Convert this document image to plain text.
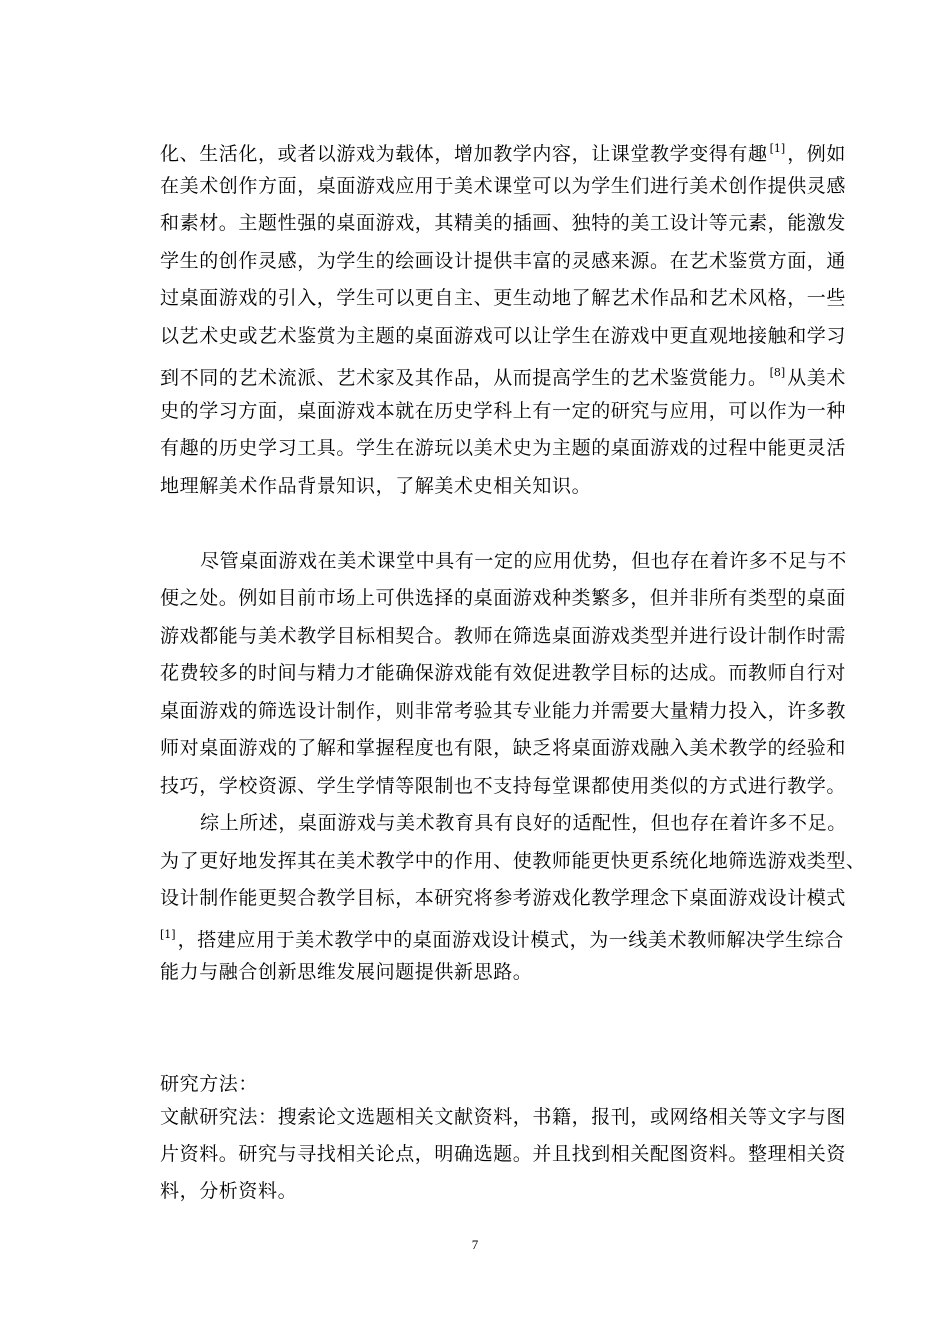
化、生活化，或者以游戏为载体，增加教学内容，让课堂教学变得有趣 [1] ，例如
在美术创作方面，桌面游戏应用于美术课堂可以为学生们进行美术创作提供灵感
和素材。主题性强的桌面游戏，其精美的插画、独特的美工设计等元素，能激发
学生的创作灵感，为学生的绘画设计提供丰富的灵感来源。在艺术鉴赏方面，通
过桌面游戏的引入，学生可以更自主、更生动地了解艺术作品和艺术风格，一些
以艺术史或艺术鉴赏为主题的桌面游戏可以让学生在游戏中更直观地接触和学习
到不同的艺术流派、艺术家及其作品，从而提高学生的艺术鉴赏能力。 [8] 从美术
史的学习方面，桌面游戏本就在历史学科上有一定的研究与应用，可以作为一种
有趣的历史学习工具。学生在游玩以美术史为主题的桌面游戏的过程中能更灵活
地理解美术作品背景知识，了解美术史相关知识。
尽管桌面游戏在美术课堂中具有一定的应用优势，但也存在着许多不足与不
便之处。例如目前市场上可供选择的桌面游戏种类繁多，但并非所有类型的桌面
游戏都能与美术教学目标相契合。教师在筛选桌面游戏类型并进行设计制作时需
花费较多的时间与精力才能确保游戏能有效促进教学目标的达成。而教师自行对
桌面游戏的筛选设计制作，则非常考验其专业能力并需要大量精力投入，许多教
师对桌面游戏的了解和掌握程度也有限，缺乏将桌面游戏融入美术教学的经验和
技巧，学校资源、学生学情等限制也不支持每堂课都使用类似的方式进行教学。
综上所述，桌面游戏与美术教育具有良好的适配性，但也存在着许多不足。
为了更好地发挥其在美术教学中的作用、使教师能更快更系统化地筛选游戏类型、
设计制作能更契合教学目标，本研究将参考游戏化教学理念下桌面游戏设计模式
[1] ，搭建应用于美术教学中的桌面游戏设计模式，为一线美术教师解决学生综合
能力与融合创新思维发展问题提供新思路。
研究方法：
文献研究法：搜索论文选题相关文献资料，书籍，报刊，或网络相关等文字与图
片资料。研究与寻找相关论点，明确选题。并且找到相关配图资料。整理相关资
料，分析资料。
7
